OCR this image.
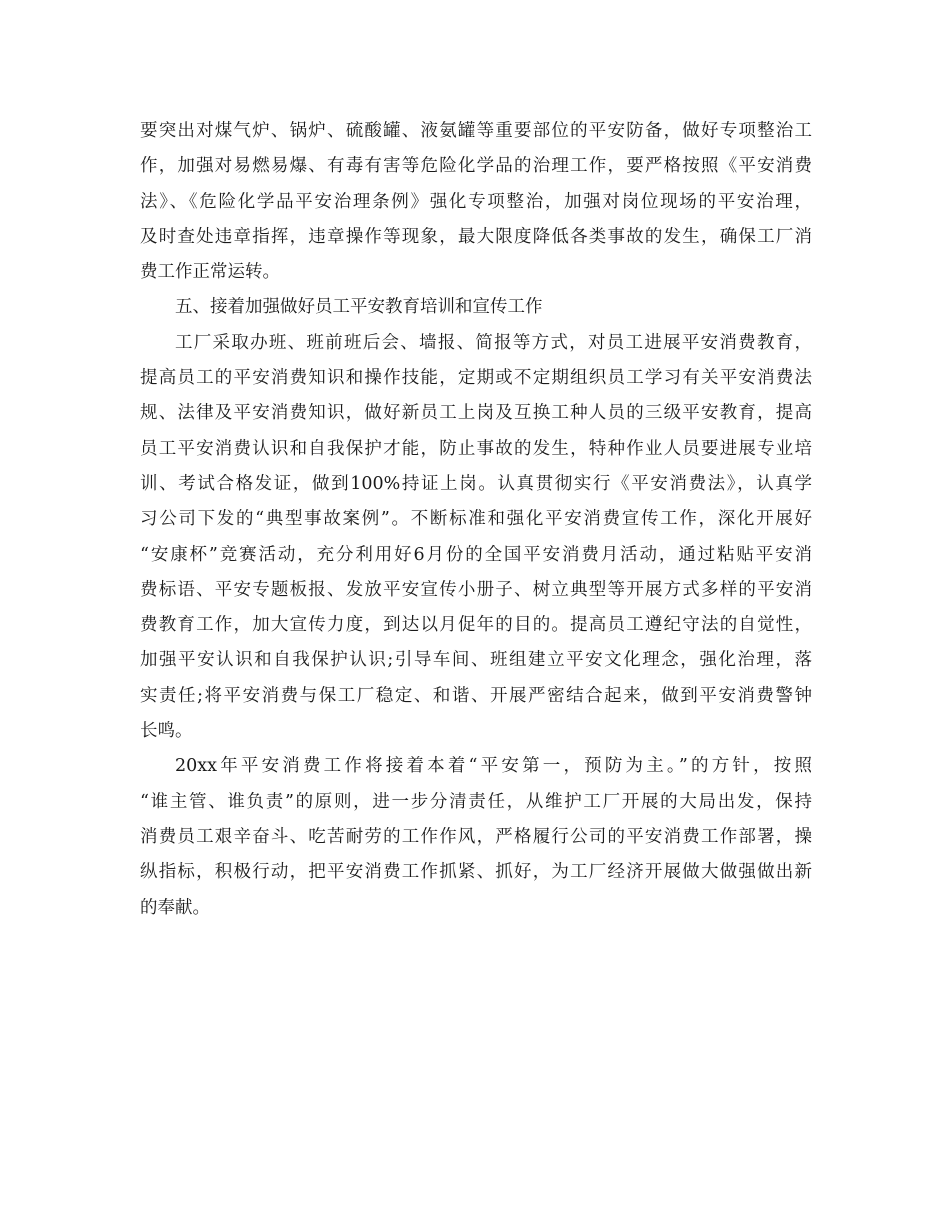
要突出对煤气炉、锅炉、硫酸罐、液氨罐等重要部位的平安防备，做好专项整治工
作，加强对易燃易爆、有毒有害等危险化学品的治理工作，要严格按照《平安消费
法》、《危险化学品平安治理条例》强化专项整治，加强对岗位现场的平安治理，
及时查处违章指挥，违章操作等现象，最大限度降低各类事故的发生，确保工厂消
费工作正常运转。

五、接着加强做好员工平安教育培训和宣传工作

工厂采取办班、班前班后会、墙报、简报等方式，对员工进展平安消费教育，
提高员工的平安消费知识和操作技能，定期或不定期组织员工学习有关平安消费法
规、法律及平安消费知识，做好新员工上岗及互换工种人员的三级平安教育，提高
员工平安消费认识和自我保护才能，防止事故的发生，特种作业人员要进展专业培
训、考试合格发证，做到100%持证上岗。认真贯彻实行《平安消费法》，认真学
习公司下发的“典型事故案例”。不断标准和强化平安消费宣传工作，深化开展好
“安康杯”竞赛活动，充分利用好6月份的全国平安消费月活动，通过粘贴平安消
费标语、平安专题板报、发放平安宣传小册子、树立典型等开展方式多样的平安消
费教育工作，加大宣传力度，到达以月促年的目的。提高员工遵纪守法的自觉性，
加强平安认识和自我保护认识;引导车间、班组建立平安文化理念，强化治理，落
实责任;将平安消费与保工厂稳定、和谐、开展严密结合起来，做到平安消费警钟
长鸣。

20xx年平安消费工作将接着本着“平安第一，预防为主。”的方针，按照
“谁主管、谁负责”的原则，进一步分清责任，从维护工厂开展的大局出发，保持
消费员工艰辛奋斗、吃苦耐劳的工作作风，严格履行公司的平安消费工作部署，操
纵指标，积极行动，把平安消费工作抓紧、抓好，为工厂经济开展做大做强做出新
的奉献。
